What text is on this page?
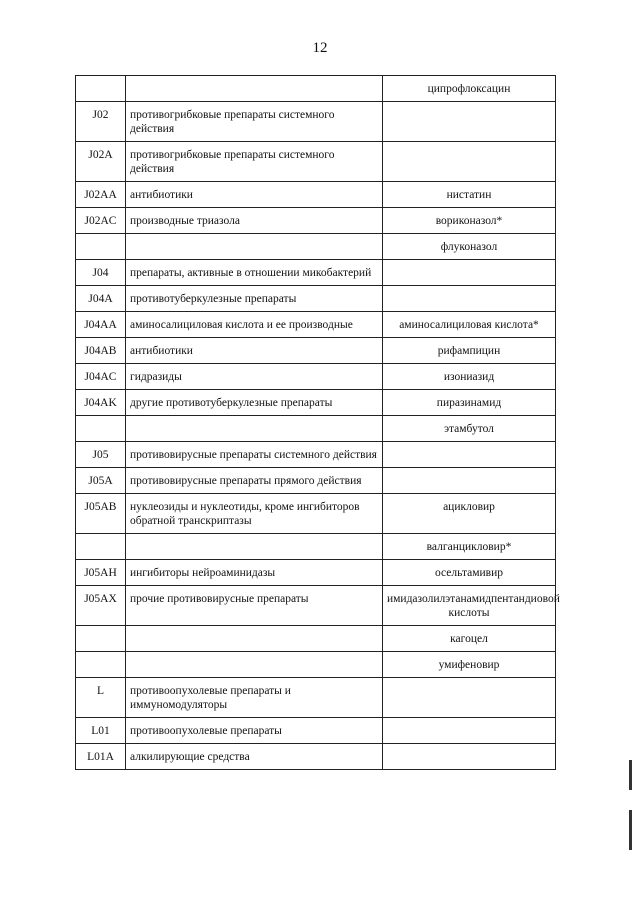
12
		ципрофлоксацин
J02	противогрибковые препараты системного действия	
J02A	противогрибковые препараты системного действия	
J02AA	антибиотики	нистатин
J02AC	производные триазола	вориконазол*
		флуконазол
J04	препараты, активные в отношении микобактерий	
J04A	противотуберкулезные препараты	
J04AA	аминосалициловая кислота и ее производные	аминосалициловая кислота*
J04AB	антибиотики	рифампицин
J04AC	гидразиды	изониазид
J04AK	другие противотуберкулезные препараты	пиразинамид
		этамбутол
J05	противовирусные препараты системного действия	
J05A	противовирусные препараты прямого действия	
J05AB	нуклеозиды и нуклеотиды, кроме ингибиторов обратной транскриптазы	ацикловир
		валганцикловир*
J05AH	ингибиторы нейроаминидазы	осельтамивир
J05AX	прочие противовирусные препараты	имидазолилэтанамидпентандиовой кислоты
		кагоцел
		умифеновир
L	противоопухолевые препараты и иммуномодуляторы	
L01	противоопухолевые препараты	
L01A	алкилирующие средства	
